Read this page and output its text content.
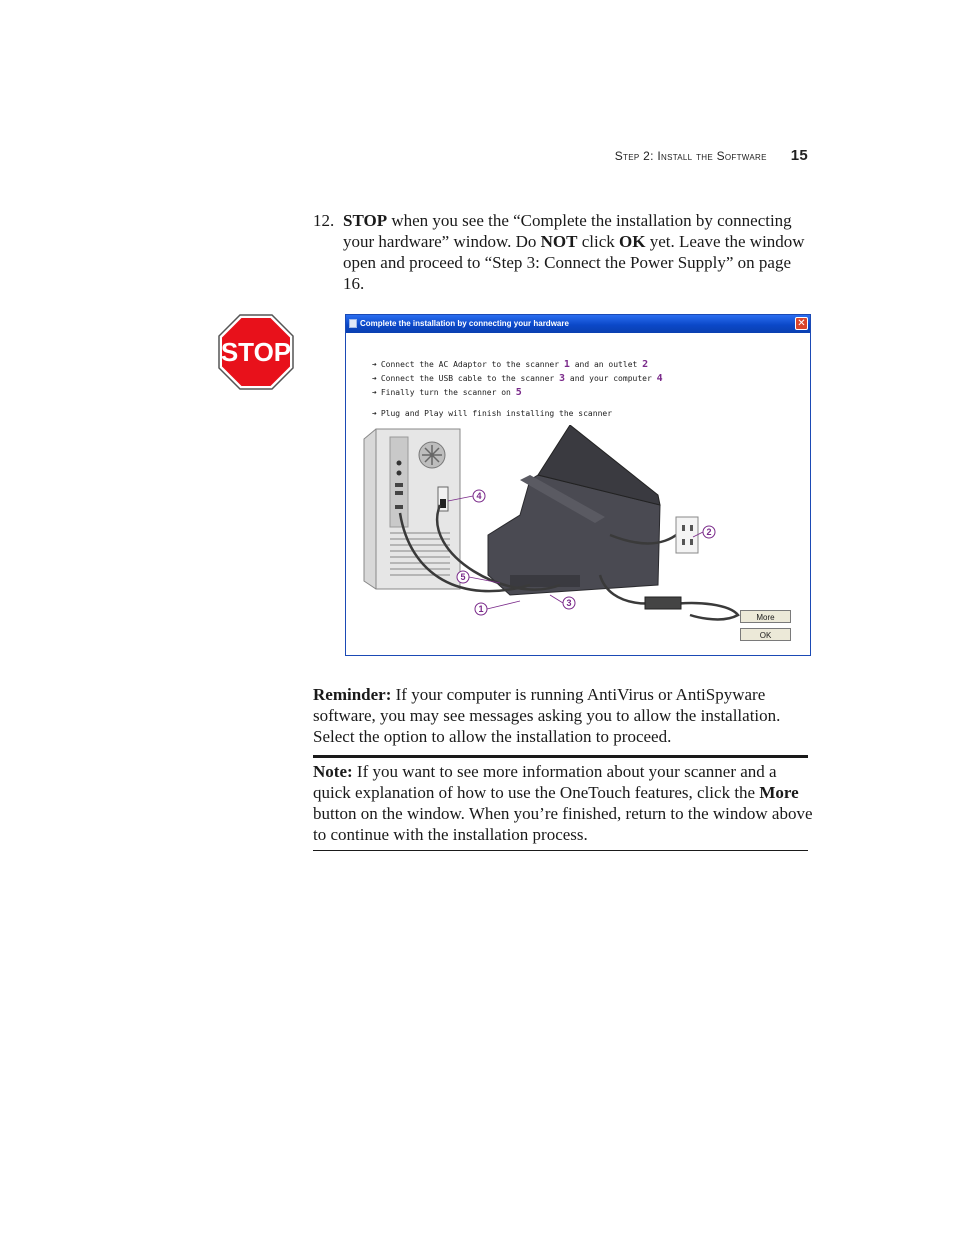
Step 2: Install the Software 15
12. STOP when you see the “Complete the installation by connecting your hardware” window. Do NOT click OK yet. Leave the window open and proceed to “Step 3: Connect the Power Supply” on page 16.
STOP
Complete the installation by connecting your hardware	✕
➔ Connect the AC Adaptor to the scanner 1 and an outlet 2
➔ Connect the USB cable to the scanner 3 and your computer 4
➔ Finally turn the scanner on 5
➔ Plug and Play will finish installing the scanner
1
2
3
4
5
More
OK
Reminder: If your computer is running AntiVirus or AntiSpyware software, you may see messages asking you to allow the installation. Select the option to allow the installation to proceed.
Note: If you want to see more information about your scanner and a quick explanation of how to use the OneTouch features, click the More button on the window. When you’re finished, return to the window above to continue with the installation process.
